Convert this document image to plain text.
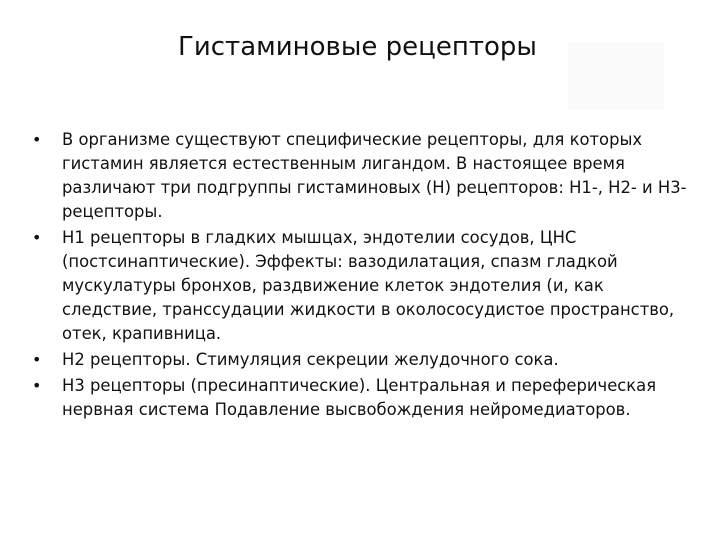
Гистаминовые рецепторы
• В организме существуют специфические рецепторы, для которых гистамин является естественным лигандом. В настоящее время различают три подгруппы гистаминовых (Н) рецепторов: Н1-, Н2- и Н3-рецепторы.
• Н1 рецепторы в гладких мышцах, эндотелии сосудов, ЦНС (постсинаптические). Эффекты: вазодилатация, спазм гладкой мускулатуры бронхов, раздвижение клеток эндотелия (и, как следствие, транссудации жидкости в околососудистое пространство, отек, крапивница.
• Н2 рецепторы. Стимуляция секреции желудочного сока.
• Н3 рецепторы (пресинаптические). Центральная и переферическая нервная система Подавление высвобождения нейромедиаторов.
